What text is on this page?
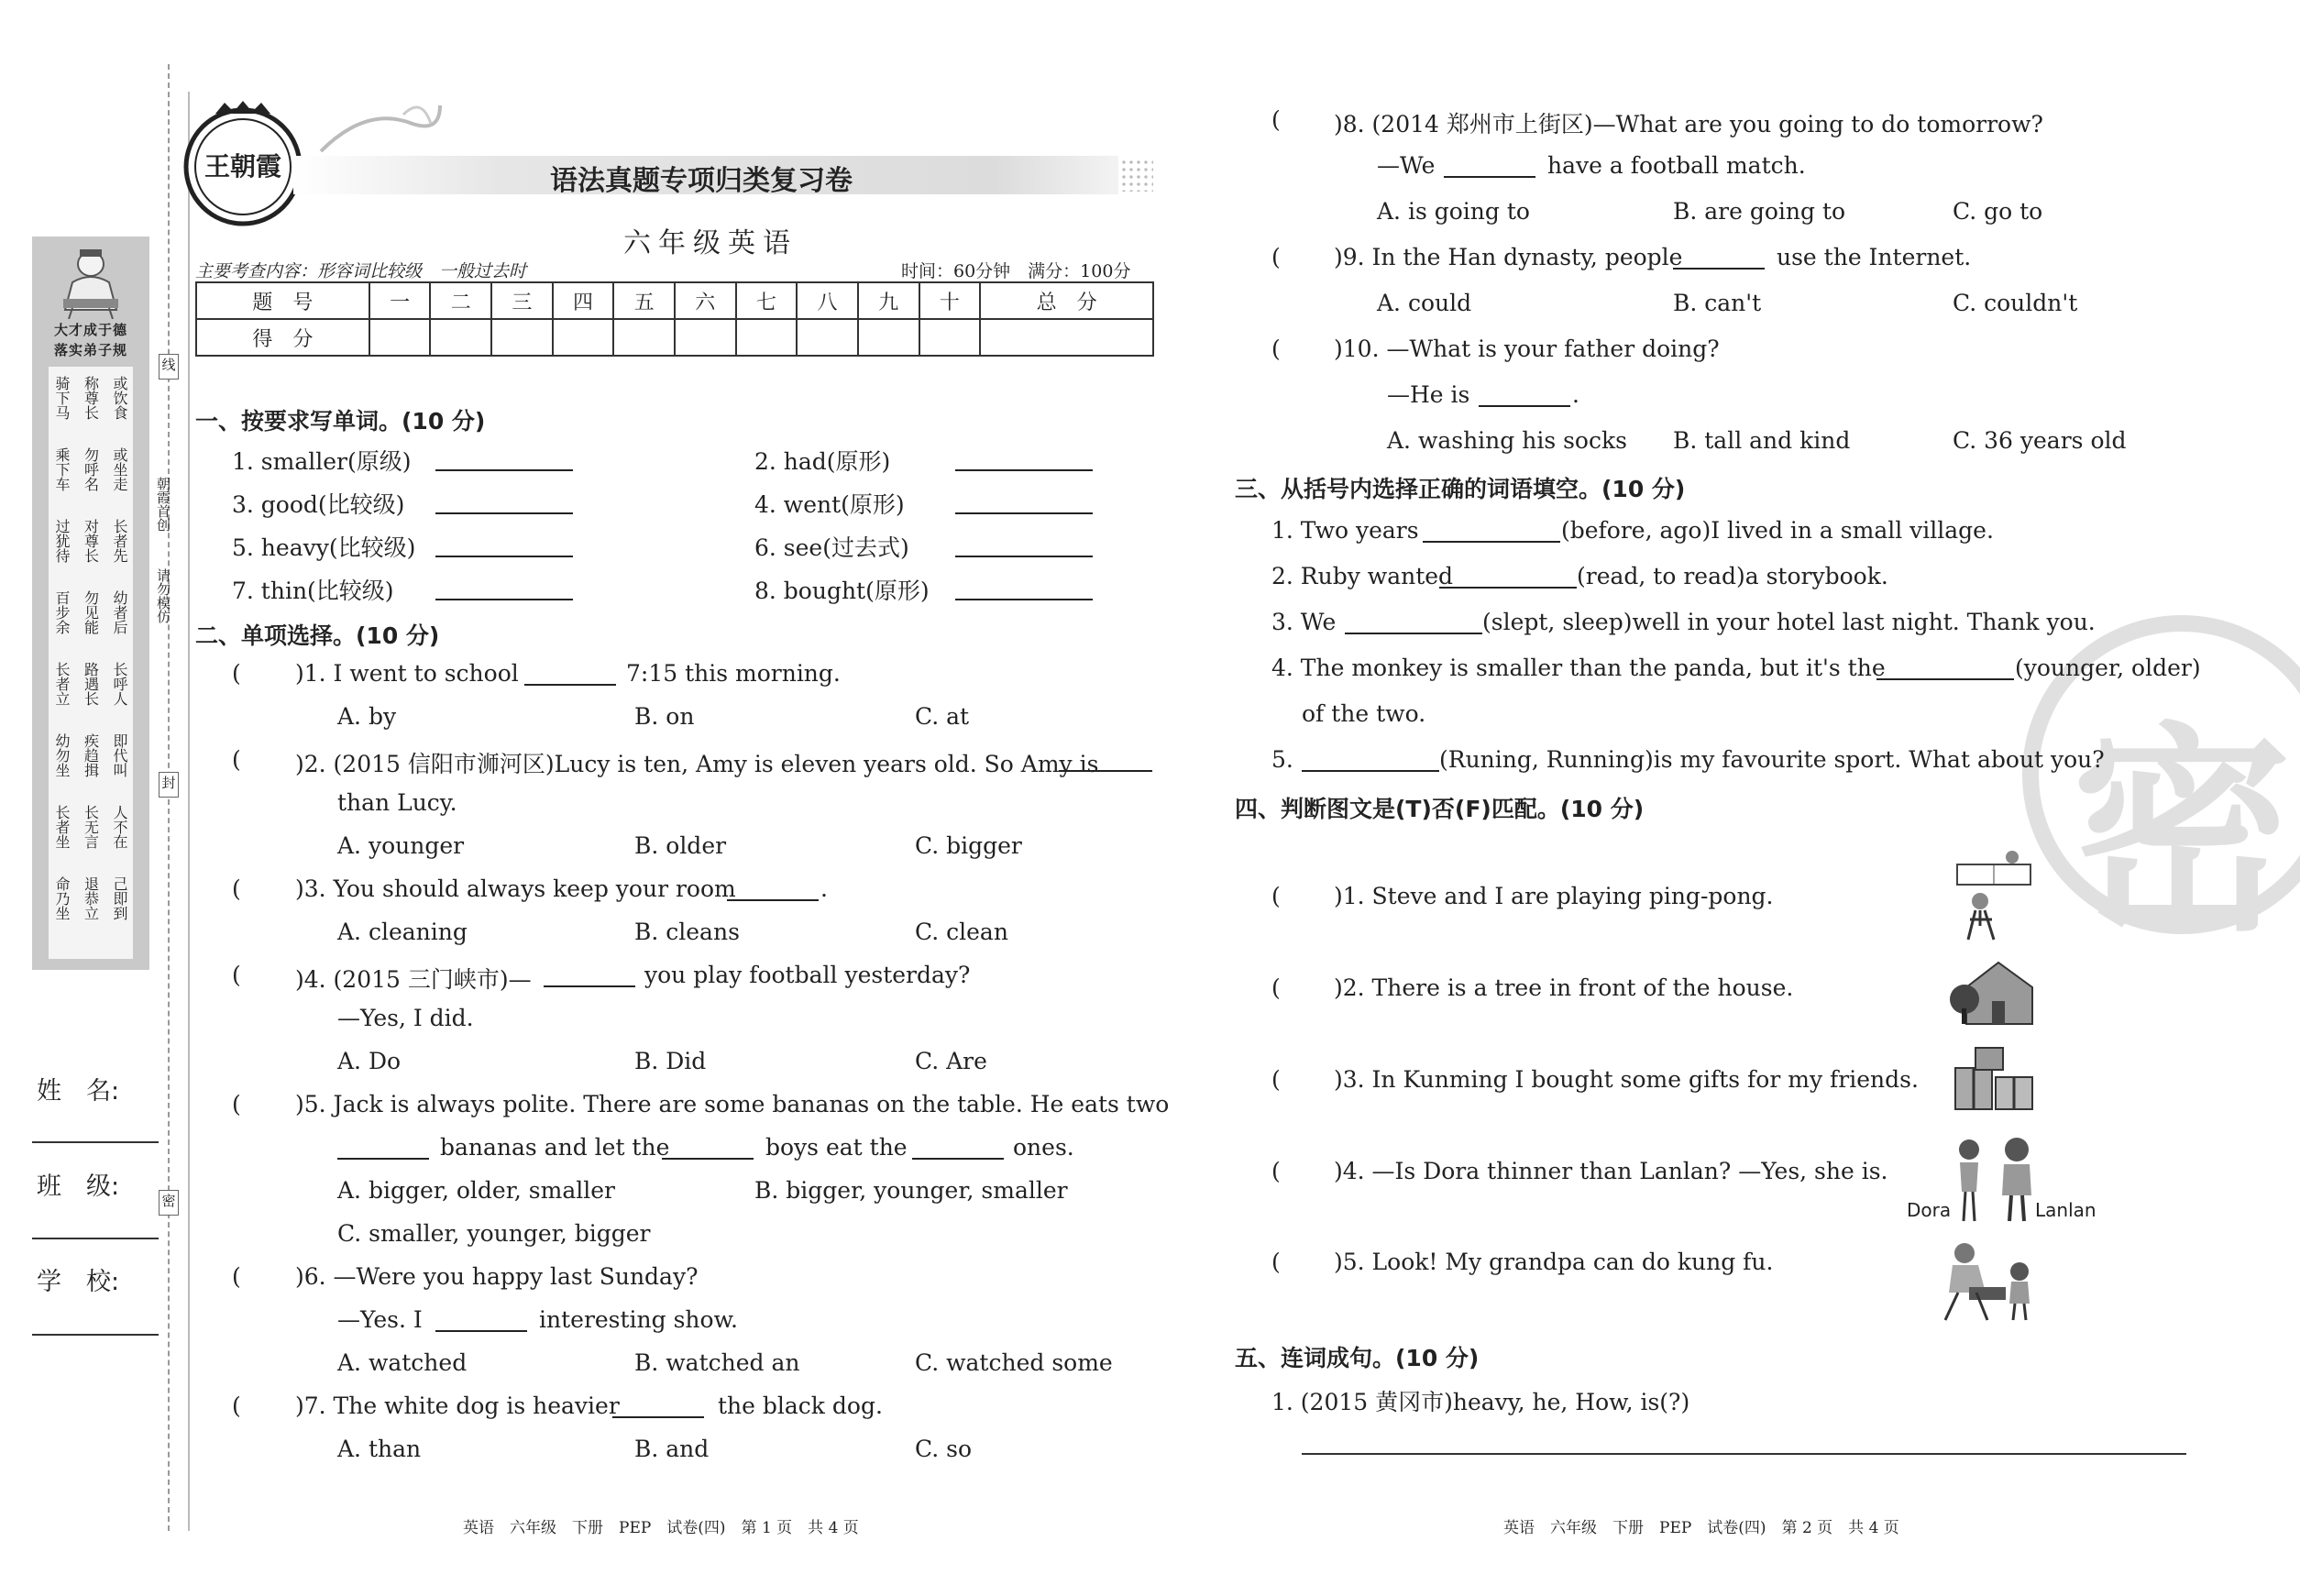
大才成于德
落实弟子规
骑下马 称尊长 或饮食
乘下车 勿呼名 或坐走
过犹待 对尊长 长者先
百步余 勿见能 幼者后
长者立 路遇长 长呼人
幼勿坐 疾趋揖 即代叫
长者坐 长无言 人不在
命乃坐 退恭立 己即到
姓　名:
班　级:
学　校:
线
封
密
朝霞首创
请勿模仿
王朝霞	语法真题专项归类复习卷
六年级英语
主要考查内容：形容词比较级　一般过去时	时间：60分钟　满分：100分
题　号	一	二	三	四	五	六	七	八	九	十	总　分
得　分											
一、按要求写单词。(10 分)
二、单项选择。(10 分)
密
三、从括号内选择正确的词语填空。(10 分)
四、判断图文是(T)否(F)匹配。(10 分)
Dora	Lanlan
五、连词成句。(10 分)
1. (2015 黄冈市)heavy, he, How, is(?)
英语　六年级　下册　PEP　试卷(四)　第 1 页　共 4 页	英语　六年级　下册　PEP　试卷(四)　第 2 页　共 4 页
1. smaller(原级)	2. had(原形)
3. good(比较级)	4. went(原形)
5. heavy(比较级)	6. see(过去式)
7. thin(比较级)	8. bought(原形)
( )1. I went to school	7:15 this morning.
A. by	B. on	C. at
( )2. (2015 信阳市浉河区)Lucy is ten, Amy is eleven years old. So Amy is
than Lucy.
A. younger	B. older	C. bigger
( )3. You should always keep your room	.
A. cleaning	B. cleans	C. clean
( )4. (2015 三门峡市)—	you play football yesterday?
—Yes, I did.
A. Do	B. Did	C. Are
( )5. Jack is always polite. There are some bananas on the table. He eats two
bananas and let the	boys eat the	ones.
A. bigger, older, smaller	B. bigger, younger, smaller
C. smaller, younger, bigger
( )6. —Were you happy last Sunday?
—Yes. I	interesting show.
A. watched	B. watched an	C. watched some
( )7. The white dog is heavier	the black dog.
A. than	B. and	C. so
( )8. (2014 郑州市上街区)—What are you going to do tomorrow?
—We	have a football match.
A. is going to	B. are going to	C. go to
( )9. In the Han dynasty, people	use the Internet.
A. could	B. can't	C. couldn't
( )10. —What is your father doing?
—He is	.
A. washing his socks B. tall and kind	C. 36 years old
1. Two years	(before, ago)I lived in a small village.
2. Ruby wanted	(read, to read)a storybook.
3. We	(slept, sleep)well in your hotel last night. Thank you.
4. The monkey is smaller than the panda, but it's the	(younger, older)
of the two.
5.	(Runing, Running)is my favourite sport. What about you?
( )1. Steve and I are playing ping-pong.
( )2. There is a tree in front of the house.
( )3. In Kunming I bought some gifts for my friends.
( )4. —Is Dora thinner than Lanlan? —Yes, she is.
( )5. Look! My grandpa can do kung fu.
